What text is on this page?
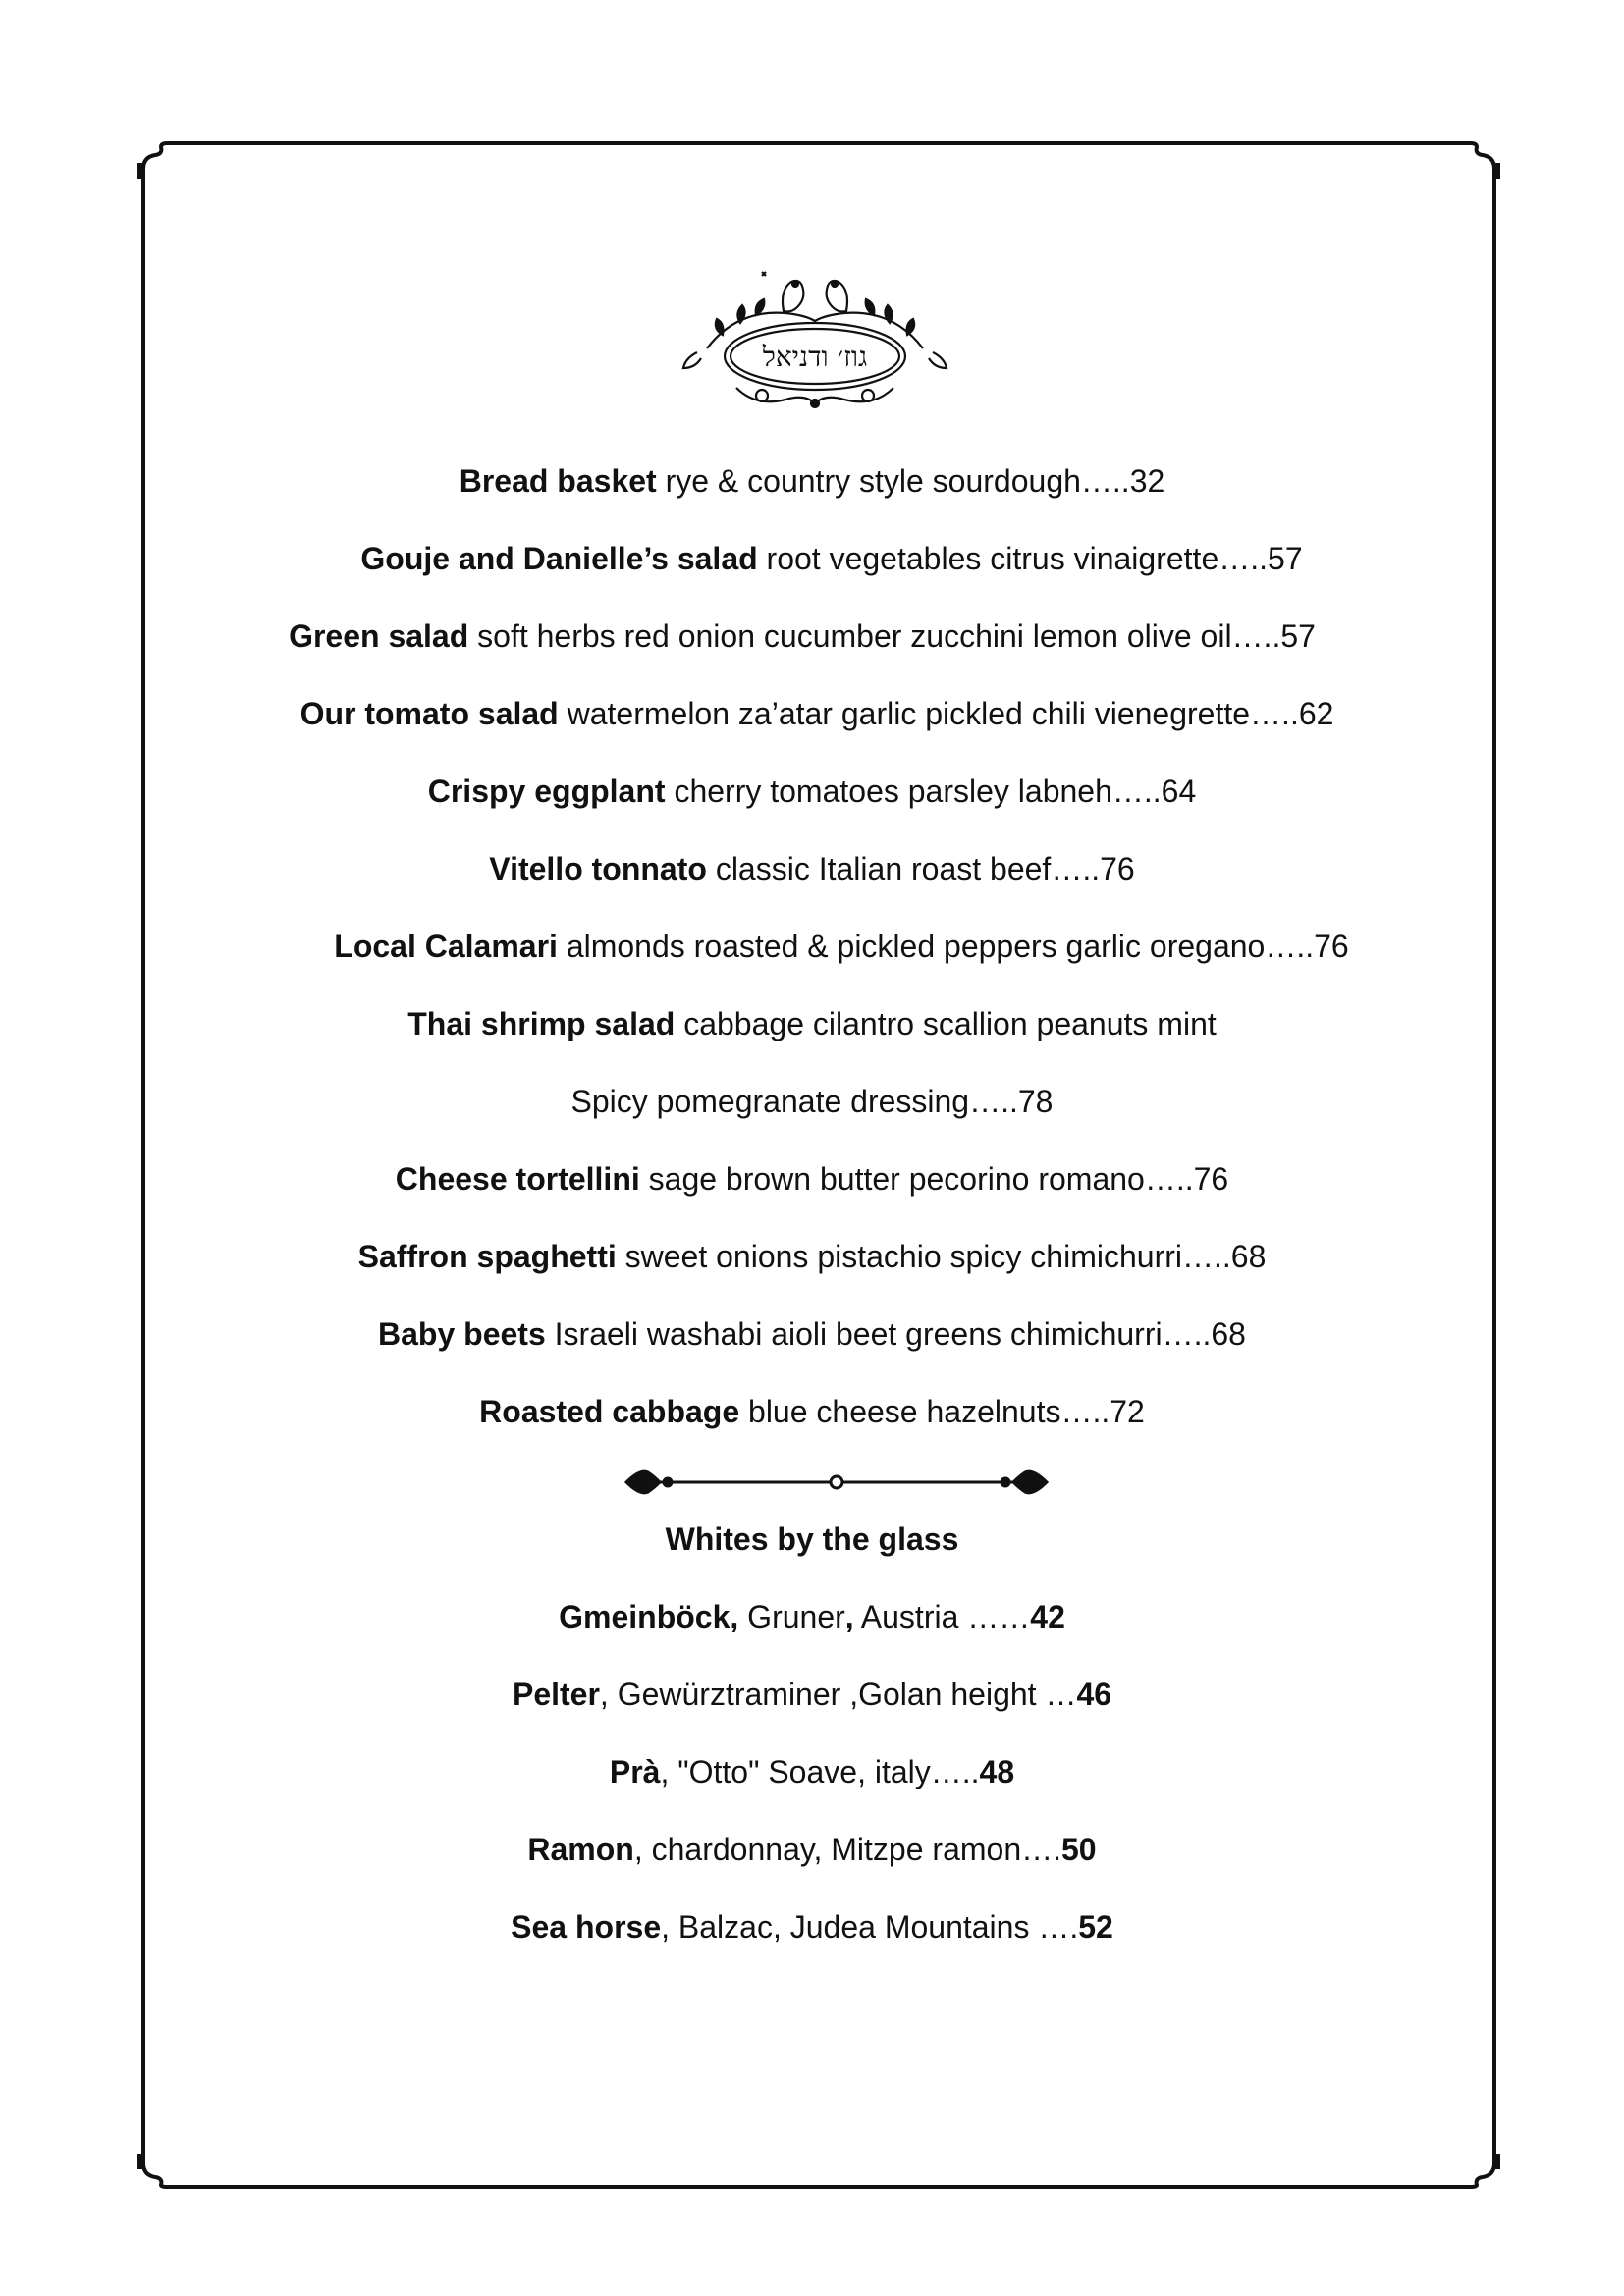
גוז׳ ודניאל
Bread basket rye & country style sourdough…..32
Gouje and Danielle’s salad root vegetables citrus vinaigrette…..57
Green salad soft herbs red onion cucumber zucchini lemon olive oil…..57
Our tomato salad watermelon za’atar garlic pickled chili vienegrette…..62
Crispy eggplant cherry tomatoes parsley labneh…..64
Vitello tonnato classic Italian roast beef…..76
Local Calamari almonds roasted & pickled peppers garlic oregano…..76
Thai shrimp salad cabbage cilantro scallion peanuts mint
Spicy pomegranate dressing…..78
Cheese tortellini sage brown butter pecorino romano…..76
Saffron spaghetti sweet onions pistachio spicy chimichurri…..68
Baby beets Israeli washabi aioli beet greens chimichurri…..68
Roasted cabbage blue cheese hazelnuts…..72
Whites by the glass
Gmeinböck, Gruner, Austria ……42
Pelter, Gewürztraminer ,Golan height …46
Prà, "Otto" Soave, italy…..48
Ramon, chardonnay, Mitzpe ramon….50
Sea horse, Balzac, Judea Mountains ….52
